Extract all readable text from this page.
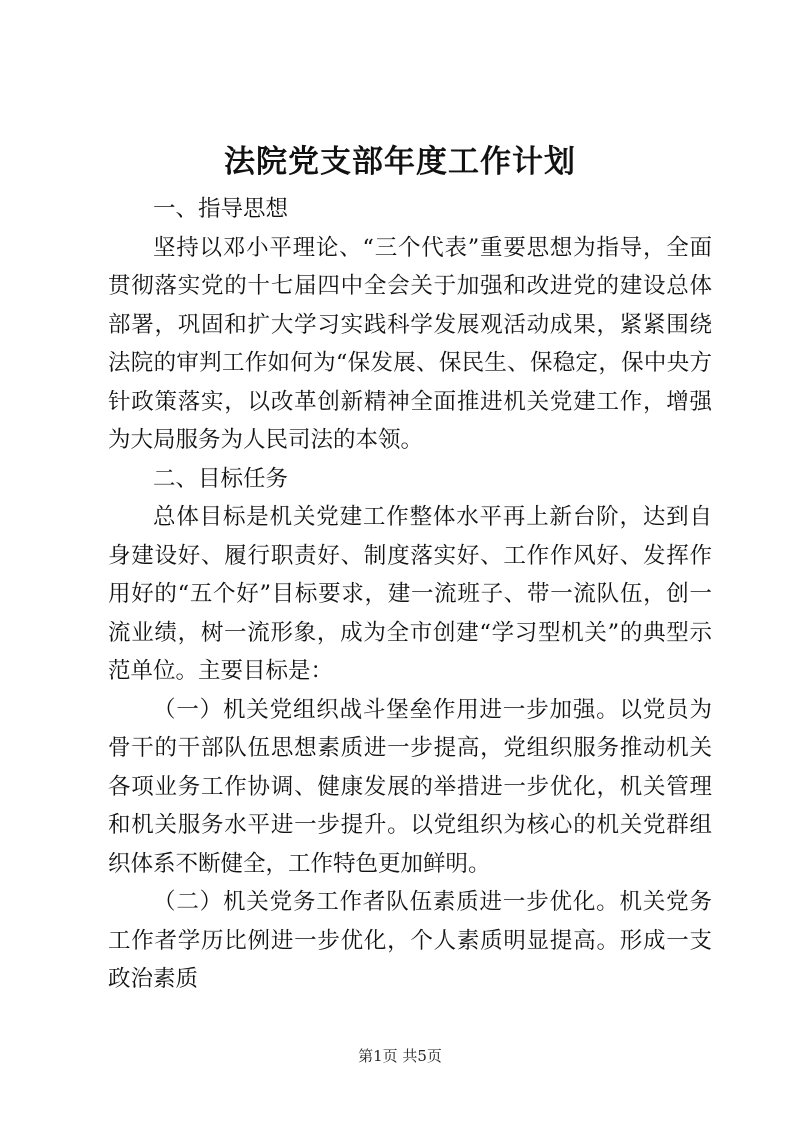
法院党支部年度工作计划

一、指导思想

坚持以邓小平理论、“三个代表”重要思想为指导，全面贯彻落实党的十七届四中全会关于加强和改进党的建设总体部署，巩固和扩大学习实践科学发展观活动成果，紧紧围绕法院的审判工作如何为“保发展、保民生、保稳定，保中央方针政策落实，以改革创新精神全面推进机关党建工作，增强为大局服务为人民司法的本领。

二、目标任务

总体目标是机关党建工作整体水平再上新台阶，达到自身建设好、履行职责好、制度落实好、工作作风好、发挥作用好的“五个好”目标要求，建一流班子、带一流队伍，创一流业绩，树一流形象，成为全市创建“学习型机关”的典型示范单位。主要目标是：

（一）机关党组织战斗堡垒作用进一步加强。以党员为骨干的干部队伍思想素质进一步提高，党组织服务推动机关各项业务工作协调、健康发展的举措进一步优化，机关管理和机关服务水平进一步提升。以党组织为核心的机关党群组织体系不断健全，工作特色更加鲜明。

（二）机关党务工作者队伍素质进一步优化。机关党务工作者学历比例进一步优化，个人素质明显提高。形成一支政治素质

第1页 共5页
